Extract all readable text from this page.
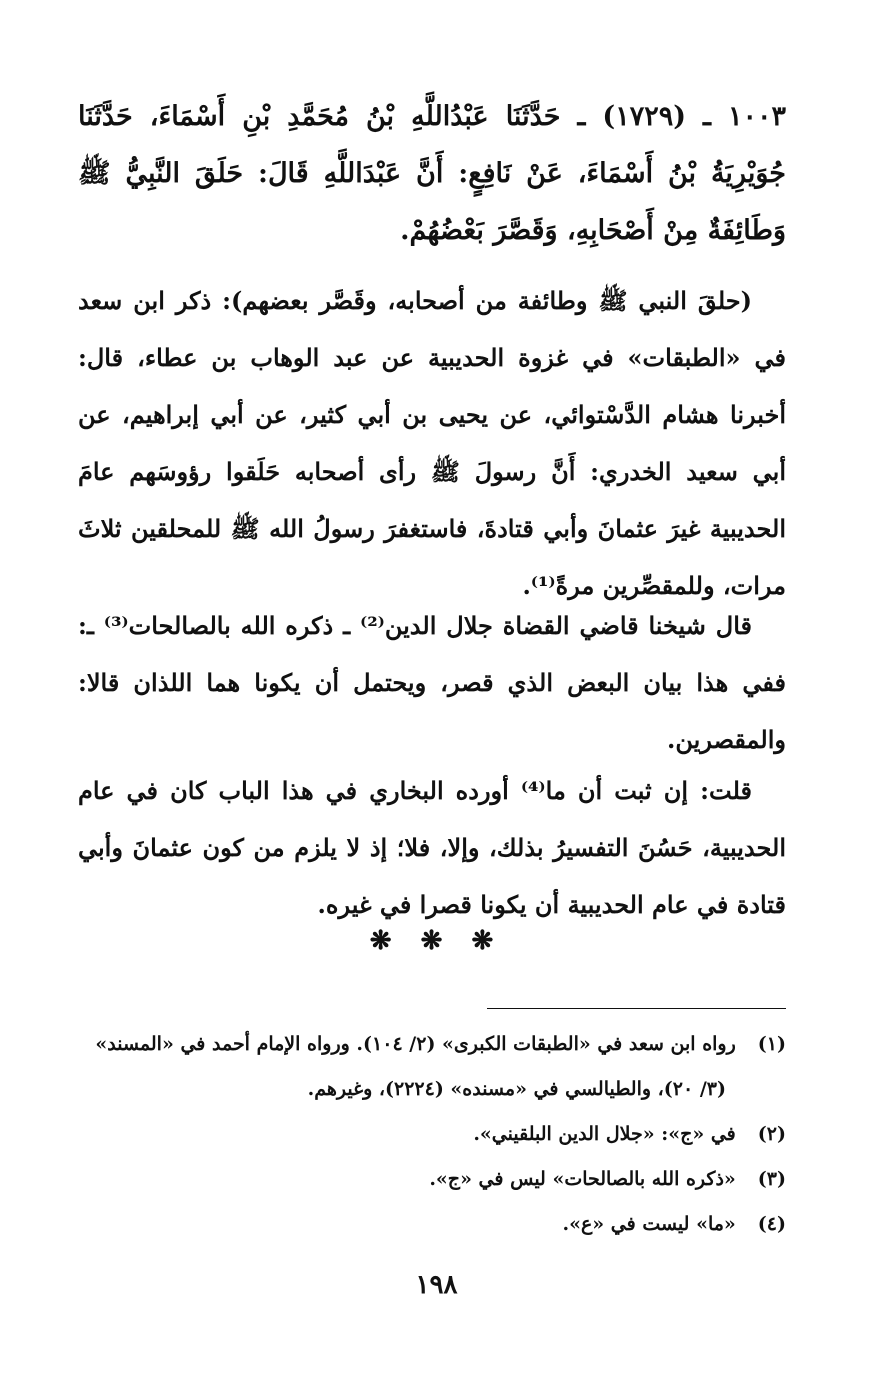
١٠٠٣ ـ (١٧٢٩) ـ حَدَّثَنَا عَبْدُاللَّهِ بْنُ مُحَمَّدِ بْنِ أَسْمَاءَ، حَدَّثَنَا جُوَيْرِيَةُ بْنُ أَسْمَاءَ، عَنْ نَافِعٍ: أَنَّ عَبْدَاللَّهِ قَالَ: حَلَقَ النَّبِيُّ ﷺ وَطَائِفَةٌ مِنْ أَصْحَابِهِ، وَقَصَّرَ بَعْضُهُمْ.

(حلقَ النبي ﷺ وطائفة من أصحابه، وقَصَّر بعضهم): ذكر ابن سعد في «الطبقات» في غزوة الحديبية عن عبد الوهاب بن عطاء، قال: أخبرنا هشام الدَّسْتوائي، عن يحيى بن أبي كثير، عن أبي إبراهيم، عن أبي سعيد الخدري: أَنَّ رسولَ ﷺ رأى أصحابه حَلَقوا رؤوسَهم عامَ الحديبية غيرَ عثمانَ وأبي قتادةَ، فاستغفرَ رسولُ الله ﷺ للمحلقين ثلاثَ مرات، وللمقصِّرين مرةً⁽¹⁾.

قال شيخنا قاضي القضاة جلال الدين⁽²⁾ ـ ذكره الله بالصالحات⁽³⁾ ـ: ففي هذا بيان البعض الذي قصر، ويحتمل أن يكونا هما اللذان قالا: والمقصرين.

قلت: إن ثبت أن ما⁽⁴⁾ أورده البخاري في هذا الباب كان في عام الحديبية، حَسُنَ التفسيرُ بذلك، وإلا، فلا؛ إذ لا يلزم من كون عثمانَ وأبي قتادة في عام الحديبية أن يكونا قصرا في غيره.

❋ ❋ ❋

(١)رواه ابن سعد في «الطبقات الكبرى» (٢/ ١٠٤). ورواه الإمام أحمد في «المسند»

(٣/ ٢٠)، والطيالسي في «مسنده» (٢٢٢٤)، وغيرهم.

(٢)في «ج»: «جلال الدين البلقيني».

(٣)«ذكره الله بالصالحات» ليس في «ج».

(٤)«ما» ليست في «ع».

١٩٨
